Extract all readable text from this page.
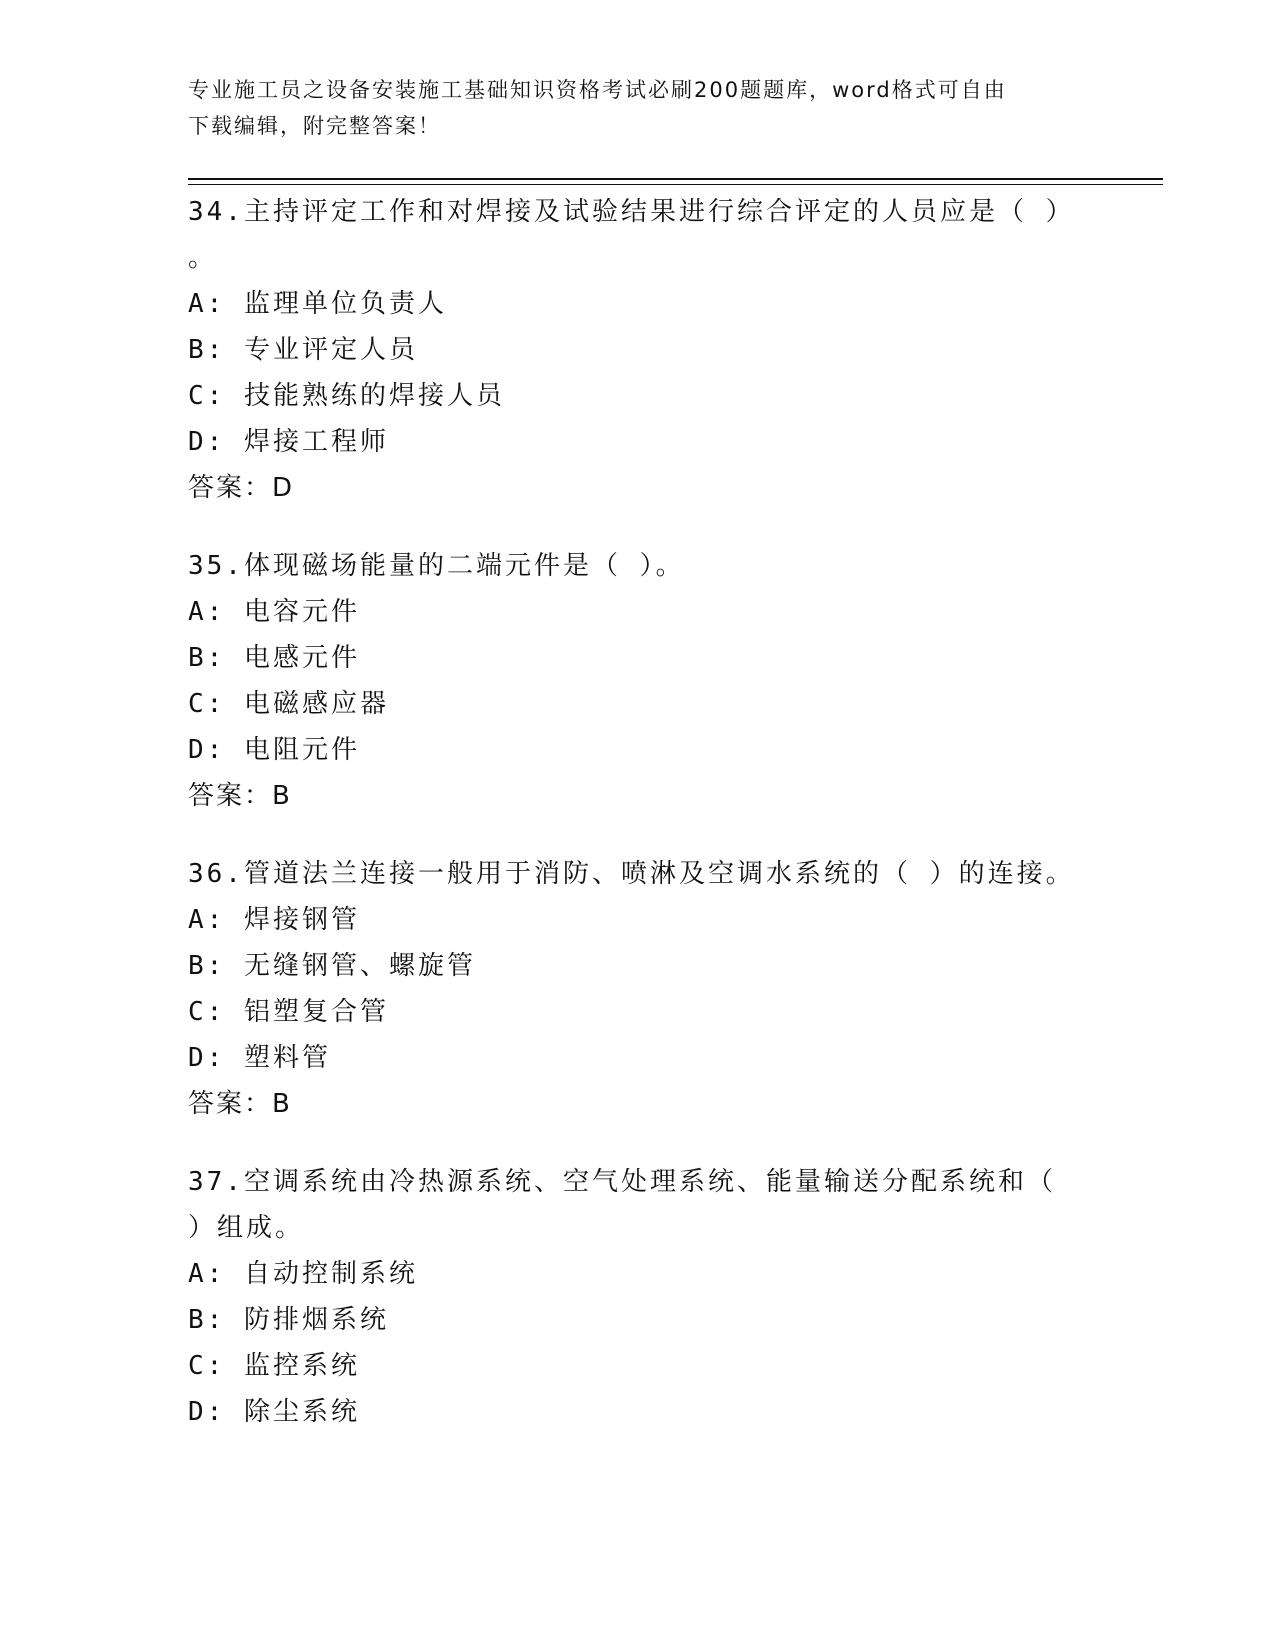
专业施工员之设备安装施工基础知识资格考试必刷200题题库，word格式可自由
下载编辑，附完整答案！
34.主持评定工作和对焊接及试验结果进行综合评定的人员应是（ ）
。
A: 监理单位负责人
B: 专业评定人员
C: 技能熟练的焊接人员
D: 焊接工程师
答案：D
35.体现磁场能量的二端元件是（ ）。
A: 电容元件
B: 电感元件
C: 电磁感应器
D: 电阻元件
答案：B
36.管道法兰连接一般用于消防、喷淋及空调水系统的（ ）的连接。
A: 焊接钢管
B: 无缝钢管、螺旋管
C: 铝塑复合管
D: 塑料管
答案：B
37.空调系统由冷热源系统、空气处理系统、能量输送分配系统和（
）组成。
A: 自动控制系统
B: 防排烟系统
C: 监控系统
D: 除尘系统
